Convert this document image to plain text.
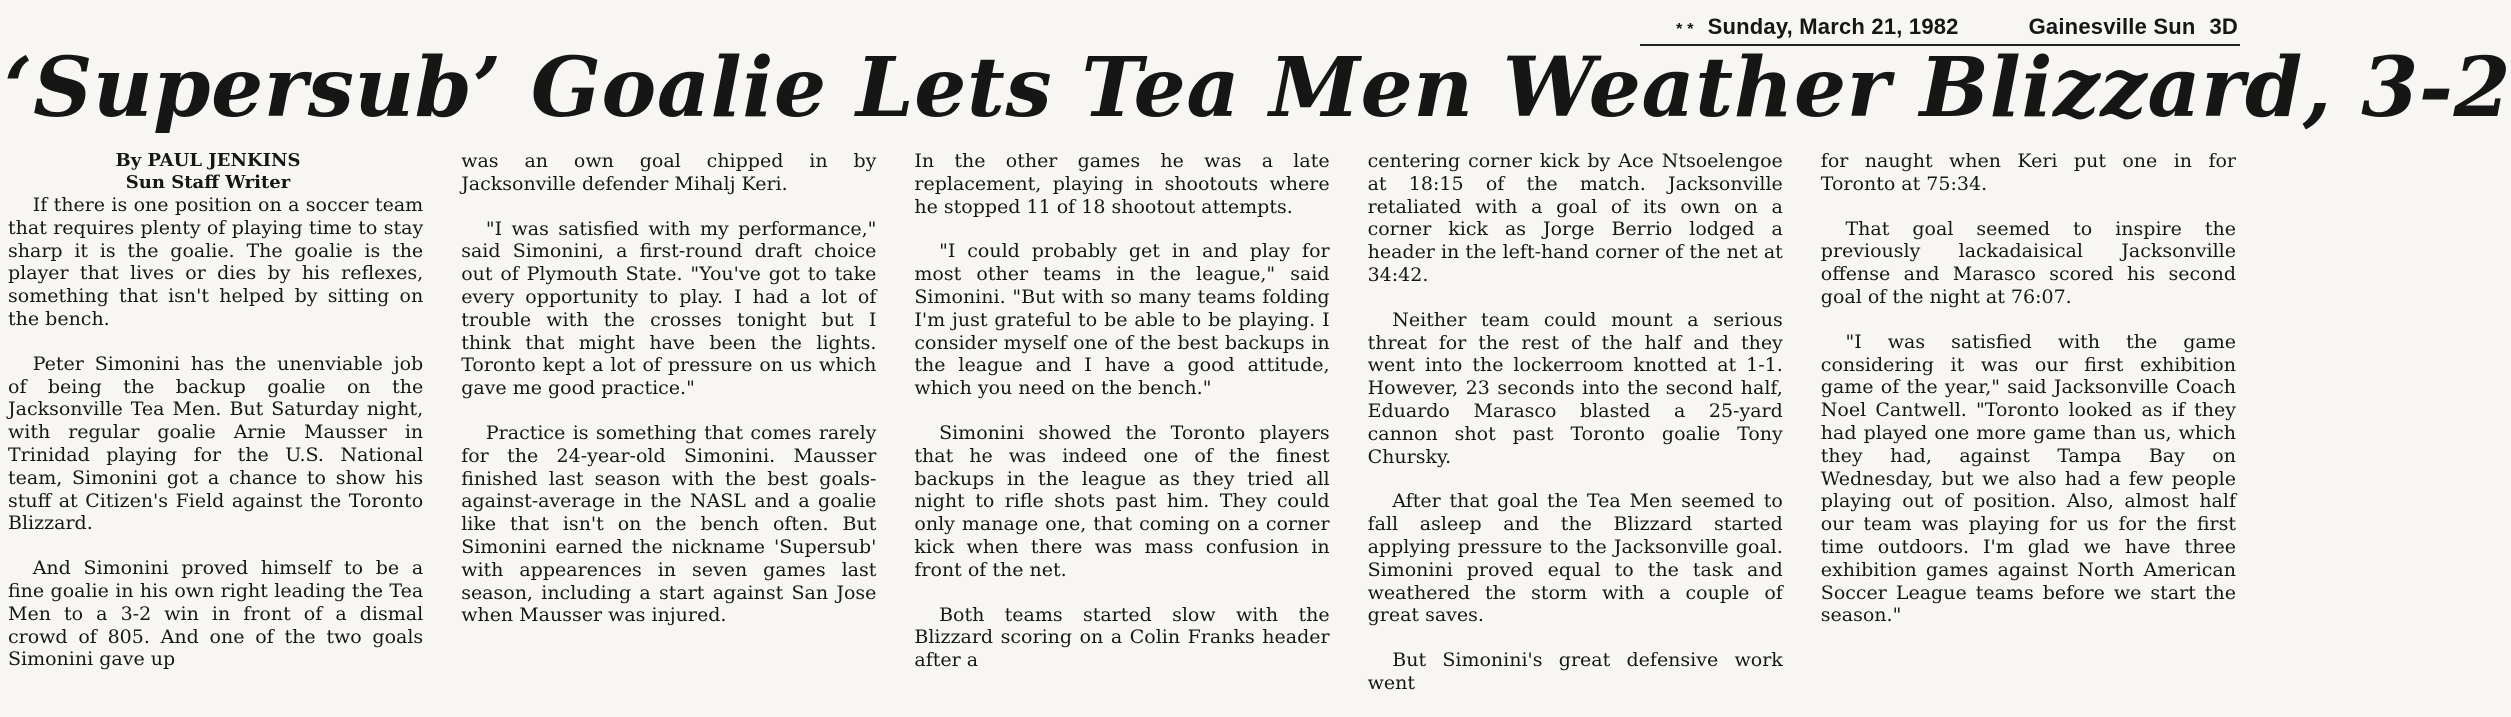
* * Sunday, March 21, 1982	Gainesville Sun 3D
‘Supersub’ Goalie Lets Tea Men Weather Blizzard, 3-2
By PAUL JENKINS
Sun Staff Writer

If there is one position on a soccer team that requires plenty of playing time to stay sharp it is the goalie. The goalie is the player that lives or dies by his reflexes, something that isn't helped by sitting on the bench.

Peter Simonini has the unenviable job of being the backup goalie on the Jacksonville Tea Men. But Saturday night, with regular goalie Arnie Mausser in Trinidad playing for the U.S. National team, Simonini got a chance to show his stuff at Citizen's Field against the Toronto Blizzard.

And Simonini proved himself to be a fine goalie in his own right leading the Tea Men to a 3-2 win in front of a dismal crowd of 805. And one of the two goals Simonini gave up

was an own goal chipped in by Jacksonville defender Mihalj Keri.

"I was satisfied with my performance," said Simonini, a first-round draft choice out of Plymouth State. "You've got to take every opportunity to play. I had a lot of trouble with the crosses tonight but I think that might have been the lights. Toronto kept a lot of pressure on us which gave me good practice."

Practice is something that comes rarely for the 24-year-old Simonini. Mausser finished last season with the best goals-against-average in the NASL and a goalie like that isn't on the bench often. But Simonini earned the nickname 'Supersub' with appearences in seven games last season, including a start against San Jose when Mausser was injured.

In the other games he was a late replacement, playing in shootouts where he stopped 11 of 18 shootout attempts.

"I could probably get in and play for most other teams in the league," said Simonini. "But with so many teams folding I'm just grateful to be able to be playing. I consider myself one of the best backups in the league and I have a good attitude, which you need on the bench."

Simonini showed the Toronto players that he was indeed one of the finest backups in the league as they tried all night to rifle shots past him. They could only manage one, that coming on a corner kick when there was mass confusion in front of the net.

Both teams started slow with the Blizzard scoring on a Colin Franks header after a

centering corner kick by Ace Ntsoelengoe at 18:15 of the match. Jacksonville retaliated with a goal of its own on a corner kick as Jorge Berrio lodged a header in the left-hand corner of the net at 34:42.

Neither team could mount a serious threat for the rest of the half and they went into the lockerroom knotted at 1-1. However, 23 seconds into the second half, Eduardo Marasco blasted a 25-yard cannon shot past Toronto goalie Tony Chursky.

After that goal the Tea Men seemed to fall asleep and the Blizzard started applying pressure to the Jacksonville goal. Simonini proved equal to the task and weathered the storm with a couple of great saves.

But Simonini's great defensive work went

for naught when Keri put one in for Toronto at 75:34.

That goal seemed to inspire the previously lackadaisical Jacksonville offense and Marasco scored his second goal of the night at 76:07.

"I was satisfied with the game considering it was our first exhibition game of the year," said Jacksonville Coach Noel Cantwell. "Toronto looked as if they had played one more game than us, which they had, against Tampa Bay on Wednesday, but we also had a few people playing out of position. Also, almost half our team was playing for us for the first time outdoors. I'm glad we have three exhibition games against North American Soccer League teams before we start the season."
